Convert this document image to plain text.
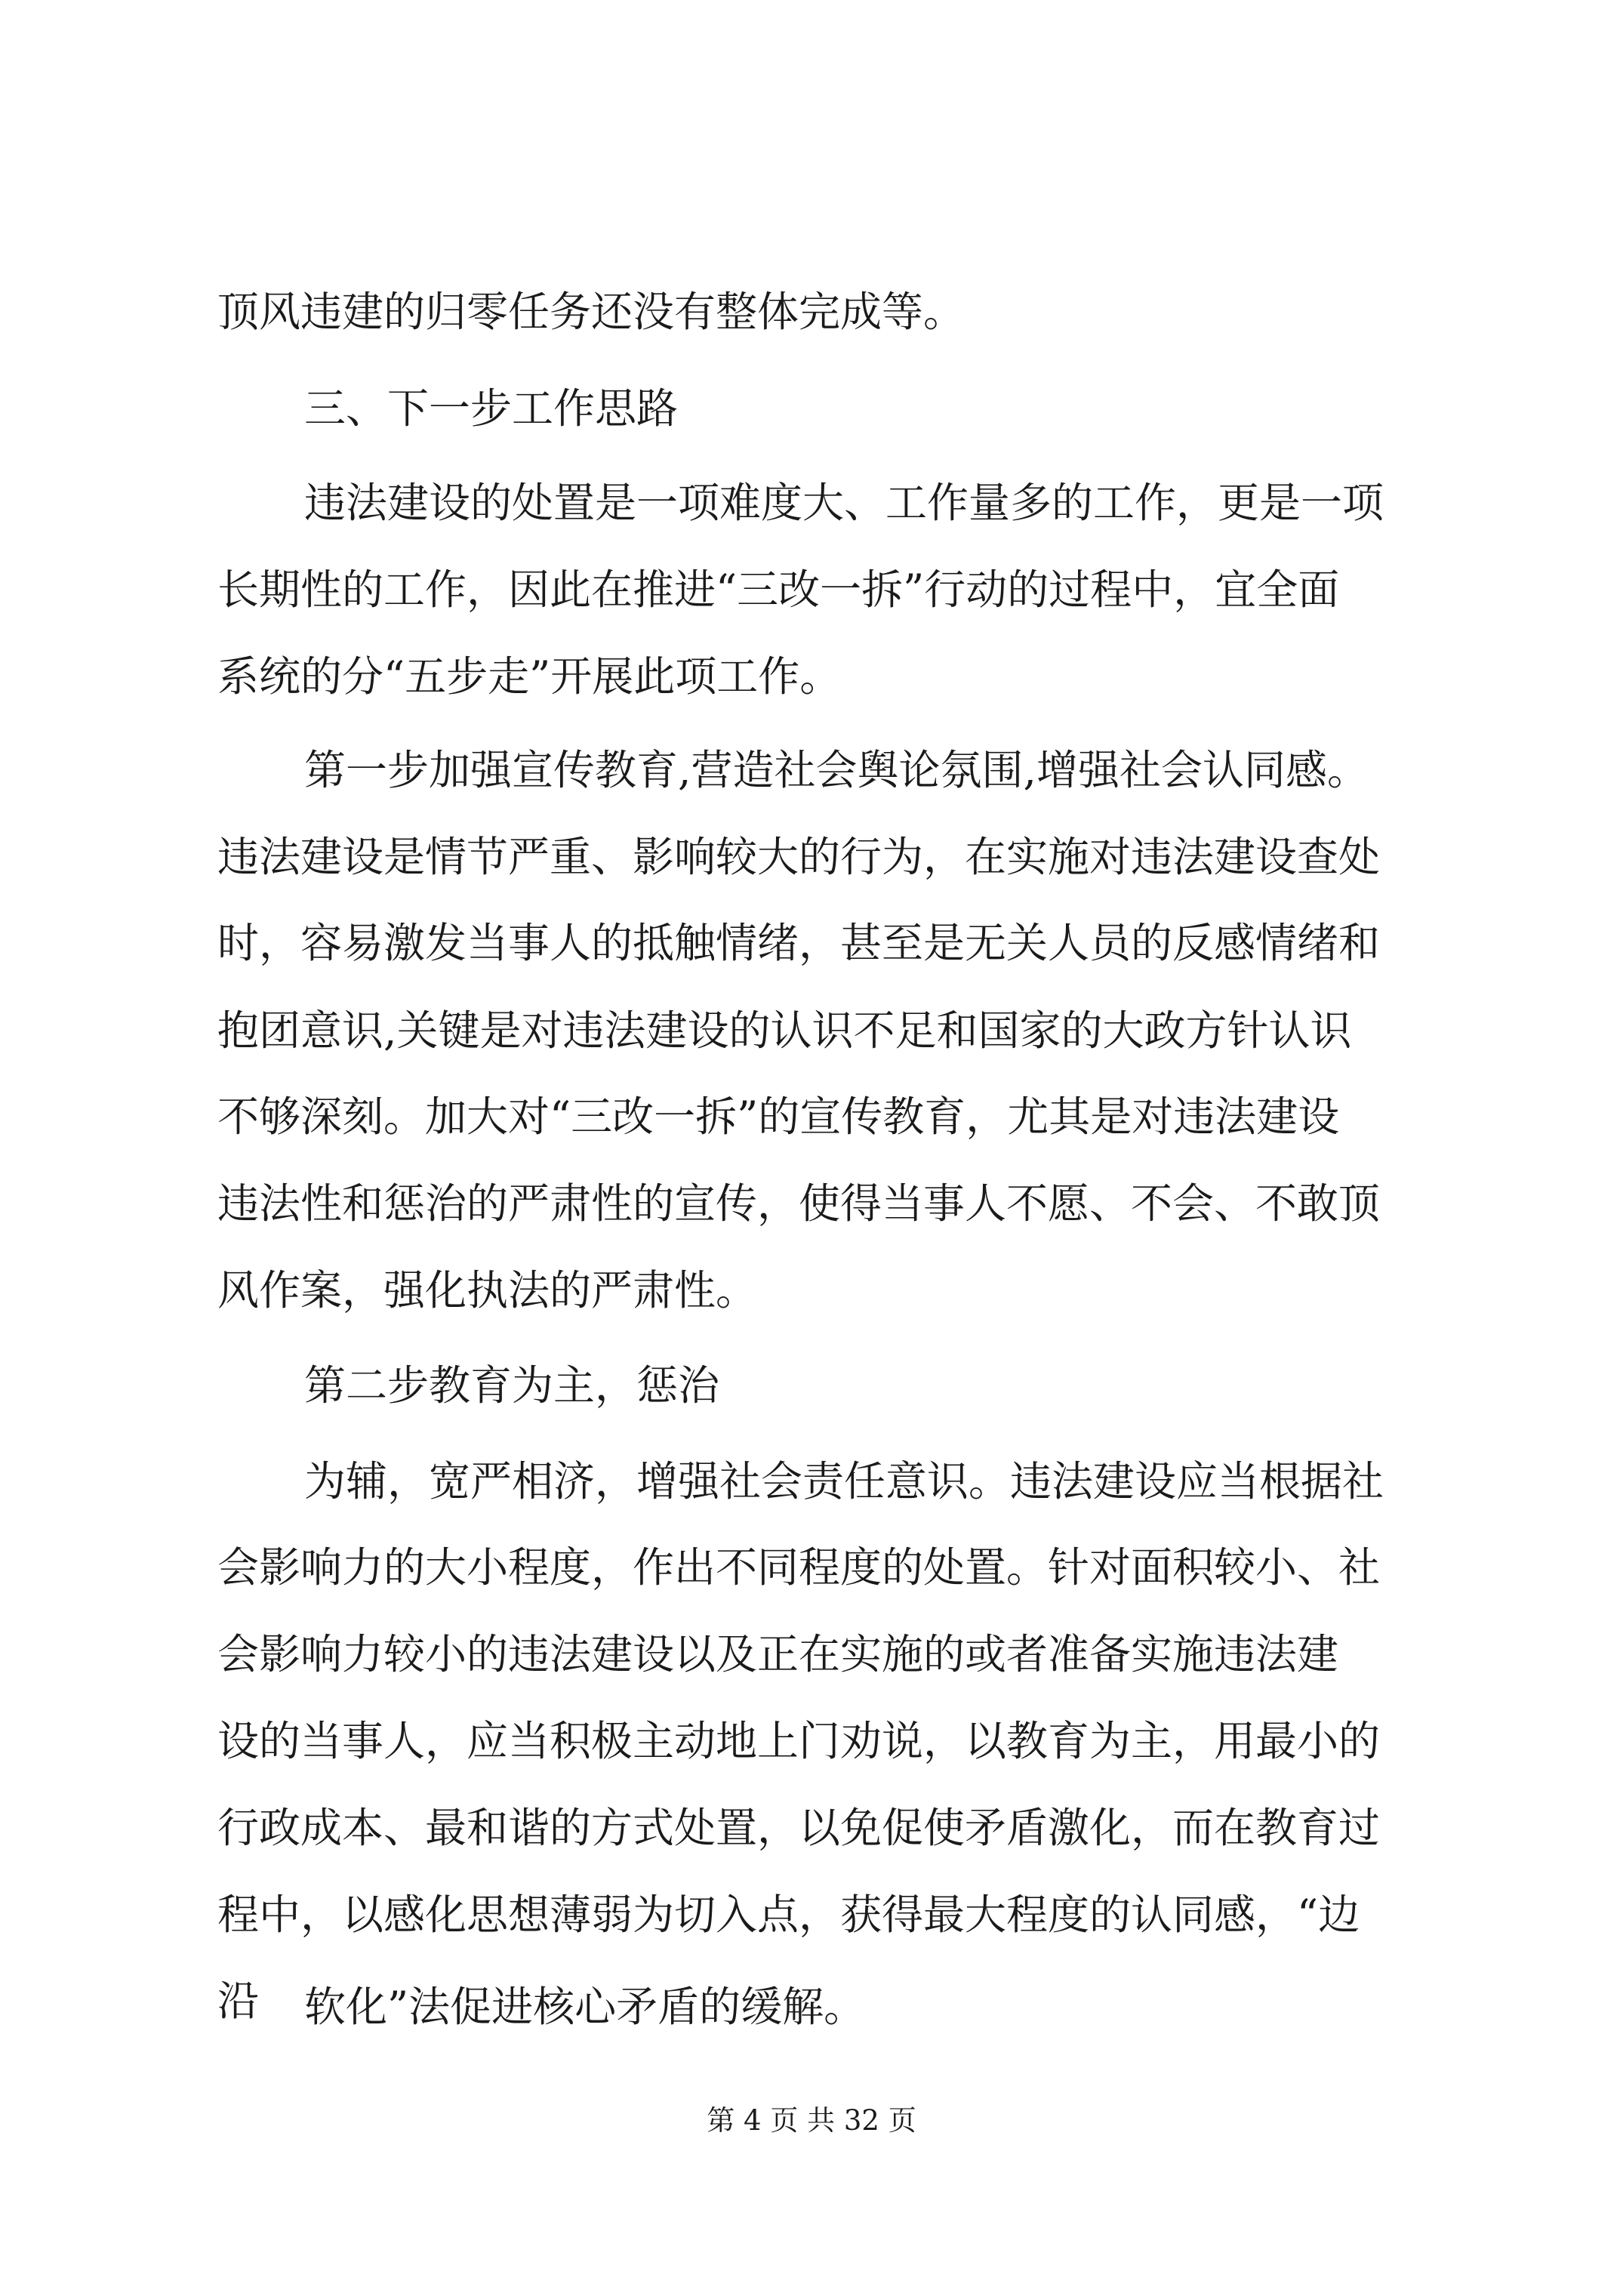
顶风违建的归零任务还没有整体完成等。
三、下一步工作思路
违法建设的处置是一项难度大、工作量多的工作，更是一项
长期性的工作，因此在推进“三改一拆”行动的过程中，宜全面
系统的分“五步走”开展此项工作。
第一步加强宣传教育,营造社会舆论氛围,增强社会认同感。
违法建设是情节严重、影响较大的行为，在实施对违法建设查处
时，容易激发当事人的抵触情绪，甚至是无关人员的反感情绪和
抱团意识,关键是对违法建设的认识不足和国家的大政方针认识
不够深刻。加大对“三改一拆”的宣传教育，尤其是对违法建设
违法性和惩治的严肃性的宣传，使得当事人不愿、不会、不敢顶
风作案，强化执法的严肃性。
第二步教育为主，惩治
为辅，宽严相济，增强社会责任意识。违法建设应当根据社
会影响力的大小程度，作出不同程度的处置。针对面积较小、社
会影响力较小的违法建设以及正在实施的或者准备实施违法建
设的当事人，应当积极主动地上门劝说，以教育为主，用最小的
行政成本、最和谐的方式处置，以免促使矛盾激化，而在教育过
程中，以感化思想薄弱为切入点，获得最大程度的认同感，“边
沿 软化”法促进核心矛盾的缓解。
第 4 页 共 32 页
